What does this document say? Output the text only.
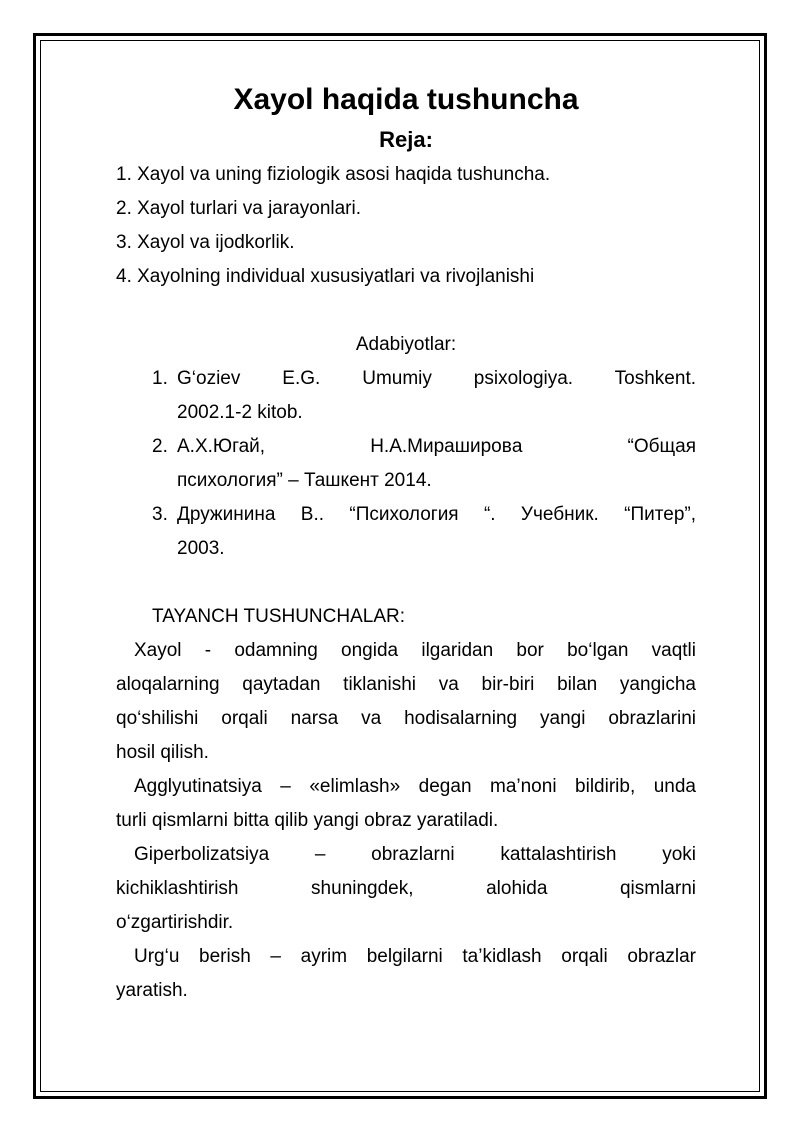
Xayol haqida tushuncha
Reja:
1. Xayol va uning fiziologik asosi haqida tushuncha.
2. Xayol turlari va jarayonlari.
3. Xayol va ijodkorlik.
4. Xayolning individual xususiyatlari va rivojlanishi

Adabiyotlar:

1. G‘oziev E.G. Umumiy psixologiya. Toshkent.
2002.1-2 kitob.
2. А.Х.Югай, Н.А.Мирашировa “Общая
психология” – Ташкент 2014.
3. Дружинина В.. “Психология “. Учебник. “Питер”,
2003.

TAYANCH TUSHUNCHALAR:

Xayol - odamning ongida ilgaridan bor bo‘lgan vaqtli
aloqalarning qaytadan tiklanishi va bir-biri bilan yangicha
qo‘shilishi orqali narsa va hodisalarning yangi obrazlarini
hosil qilish.
Agglyutinatsiya – «elimlash» degan ma’noni bildirib, unda
turli qismlarni bitta qilib yangi obraz yaratiladi.
Giperbolizatsiya – obrazlarni kattalashtirish yoki
kichiklashtirish shuningdek, alohida qismlarni
o‘zgartirishdir.
Urg‘u berish – ayrim belgilarni ta’kidlash orqali obrazlar
yaratish.
